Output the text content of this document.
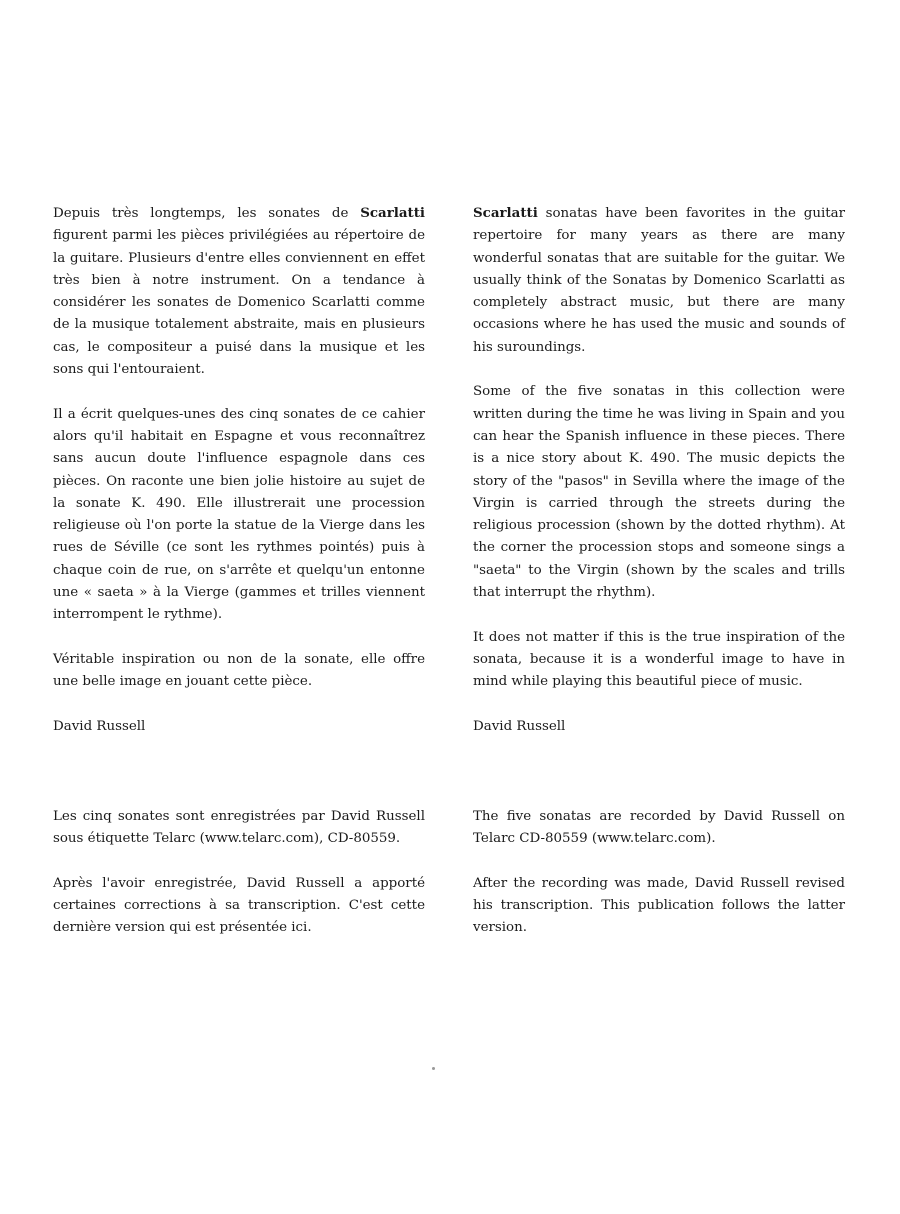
Depuis très longtemps, les sonates de Scarlatti figurent parmi les pièces privilégiées au répertoire de la guitare. Plusieurs d'entre elles conviennent en effet très bien à notre instrument. On a tendance à considérer les sonates de Domenico Scarlatti comme de la musique totalement abstraite, mais en plusieurs cas, le compositeur a puisé dans la musique et les sons qui l'entouraient.

Il a écrit quelques-unes des cinq sonates de ce cahier alors qu'il habitait en Espagne et vous reconnaîtrez sans aucun doute l'influence espagnole dans ces pièces. On raconte une bien jolie histoire au sujet de la sonate K. 490. Elle illustrerait une procession religieuse où l'on porte la statue de la Vierge dans les rues de Séville (ce sont les rythmes pointés) puis à chaque coin de rue, on s'arrête et quelqu'un entonne une « saeta » à la Vierge (gammes et trilles viennent interrompent le rythme).

Véritable inspiration ou non de la sonate, elle offre une belle image en jouant cette pièce.

Scarlatti sonatas have been favorites in the guitar repertoire for many years as there are many wonderful sonatas that are suitable for the guitar. We usually think of the Sonatas by Domenico Scarlatti as completely abstract music, but there are many occasions where he has used the music and sounds of his suroundings.

Some of the five sonatas in this collection were written during the time he was living in Spain and you can hear the Spanish influence in these pieces. There is a nice story about K. 490. The music depicts the story of the "pasos" in Sevilla where the image of the Virgin is carried through the streets during the religious procession (shown by the dotted rhythm). At the corner the procession stops and someone sings a "saeta" to the Virgin (shown by the scales and trills that interrupt the rhythm).

It does not matter if this is the true inspiration of the sonata, because it is a wonderful image to have in mind while playing this beautiful piece of music.

David Russell	David Russell

Les cinq sonates sont enregistrées par David Russell sous étiquette Telarc (www.telarc.com), CD-80559.

Après l'avoir enregistrée, David Russell a apporté certaines corrections à sa transcription. C'est cette dernière version qui est présentée ici.

The five sonatas are recorded by David Russell on Telarc CD-80559 (www.telarc.com).

After the recording was made, David Russell revised his transcription. This publication follows the latter version.
